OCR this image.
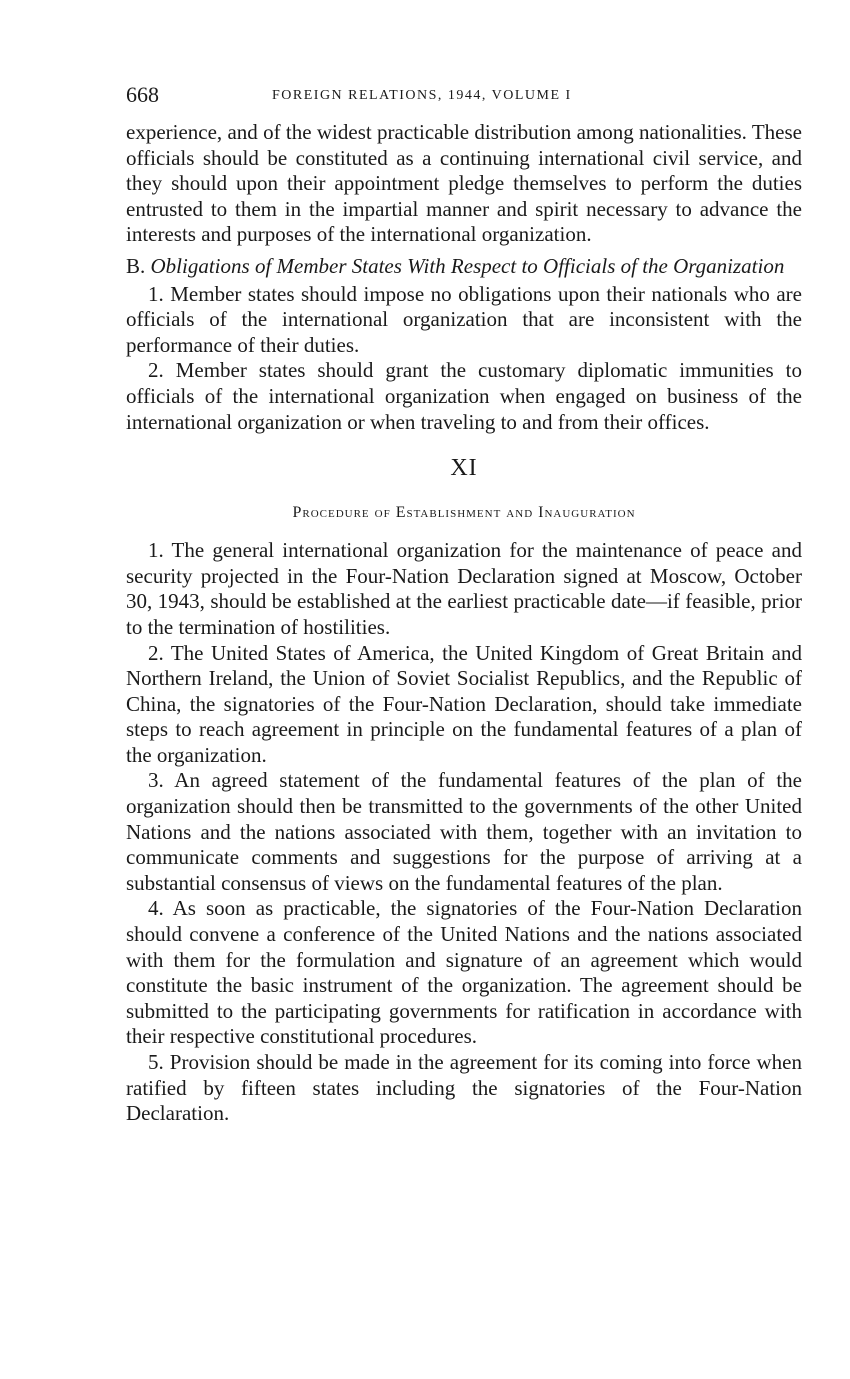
668	FOREIGN RELATIONS, 1944, VOLUME I

experience, and of the widest practicable distribution among nationalities. These officials should be constituted as a continuing international civil service, and they should upon their appointment pledge themselves to perform the duties entrusted to them in the impartial manner and spirit necessary to advance the interests and purposes of the international organization.

B. Obligations of Member States With Respect to Officials of the Organization

1. Member states should impose no obligations upon their nationals who are officials of the international organization that are inconsistent with the performance of their duties.

2. Member states should grant the customary diplomatic immunities to officials of the international organization when engaged on business of the international organization or when traveling to and from their offices.

XI
Procedure of Establishment and Inauguration

1. The general international organization for the maintenance of peace and security projected in the Four-Nation Declaration signed at Moscow, October 30, 1943, should be established at the earliest practicable date—if feasible, prior to the termination of hostilities.

2. The United States of America, the United Kingdom of Great Britain and Northern Ireland, the Union of Soviet Socialist Republics, and the Republic of China, the signatories of the Four-Nation Declaration, should take immediate steps to reach agreement in principle on the fundamental features of a plan of the organization.

3. An agreed statement of the fundamental features of the plan of the organization should then be transmitted to the governments of the other United Nations and the nations associated with them, together with an invitation to communicate comments and suggestions for the purpose of arriving at a substantial consensus of views on the fundamental features of the plan.

4. As soon as practicable, the signatories of the Four-Nation Declaration should convene a conference of the United Nations and the nations associated with them for the formulation and signature of an agreement which would constitute the basic instrument of the organization. The agreement should be submitted to the participating governments for ratification in accordance with their respective constitutional procedures.

5. Provision should be made in the agreement for its coming into force when ratified by fifteen states including the signatories of the Four-Nation Declaration.
